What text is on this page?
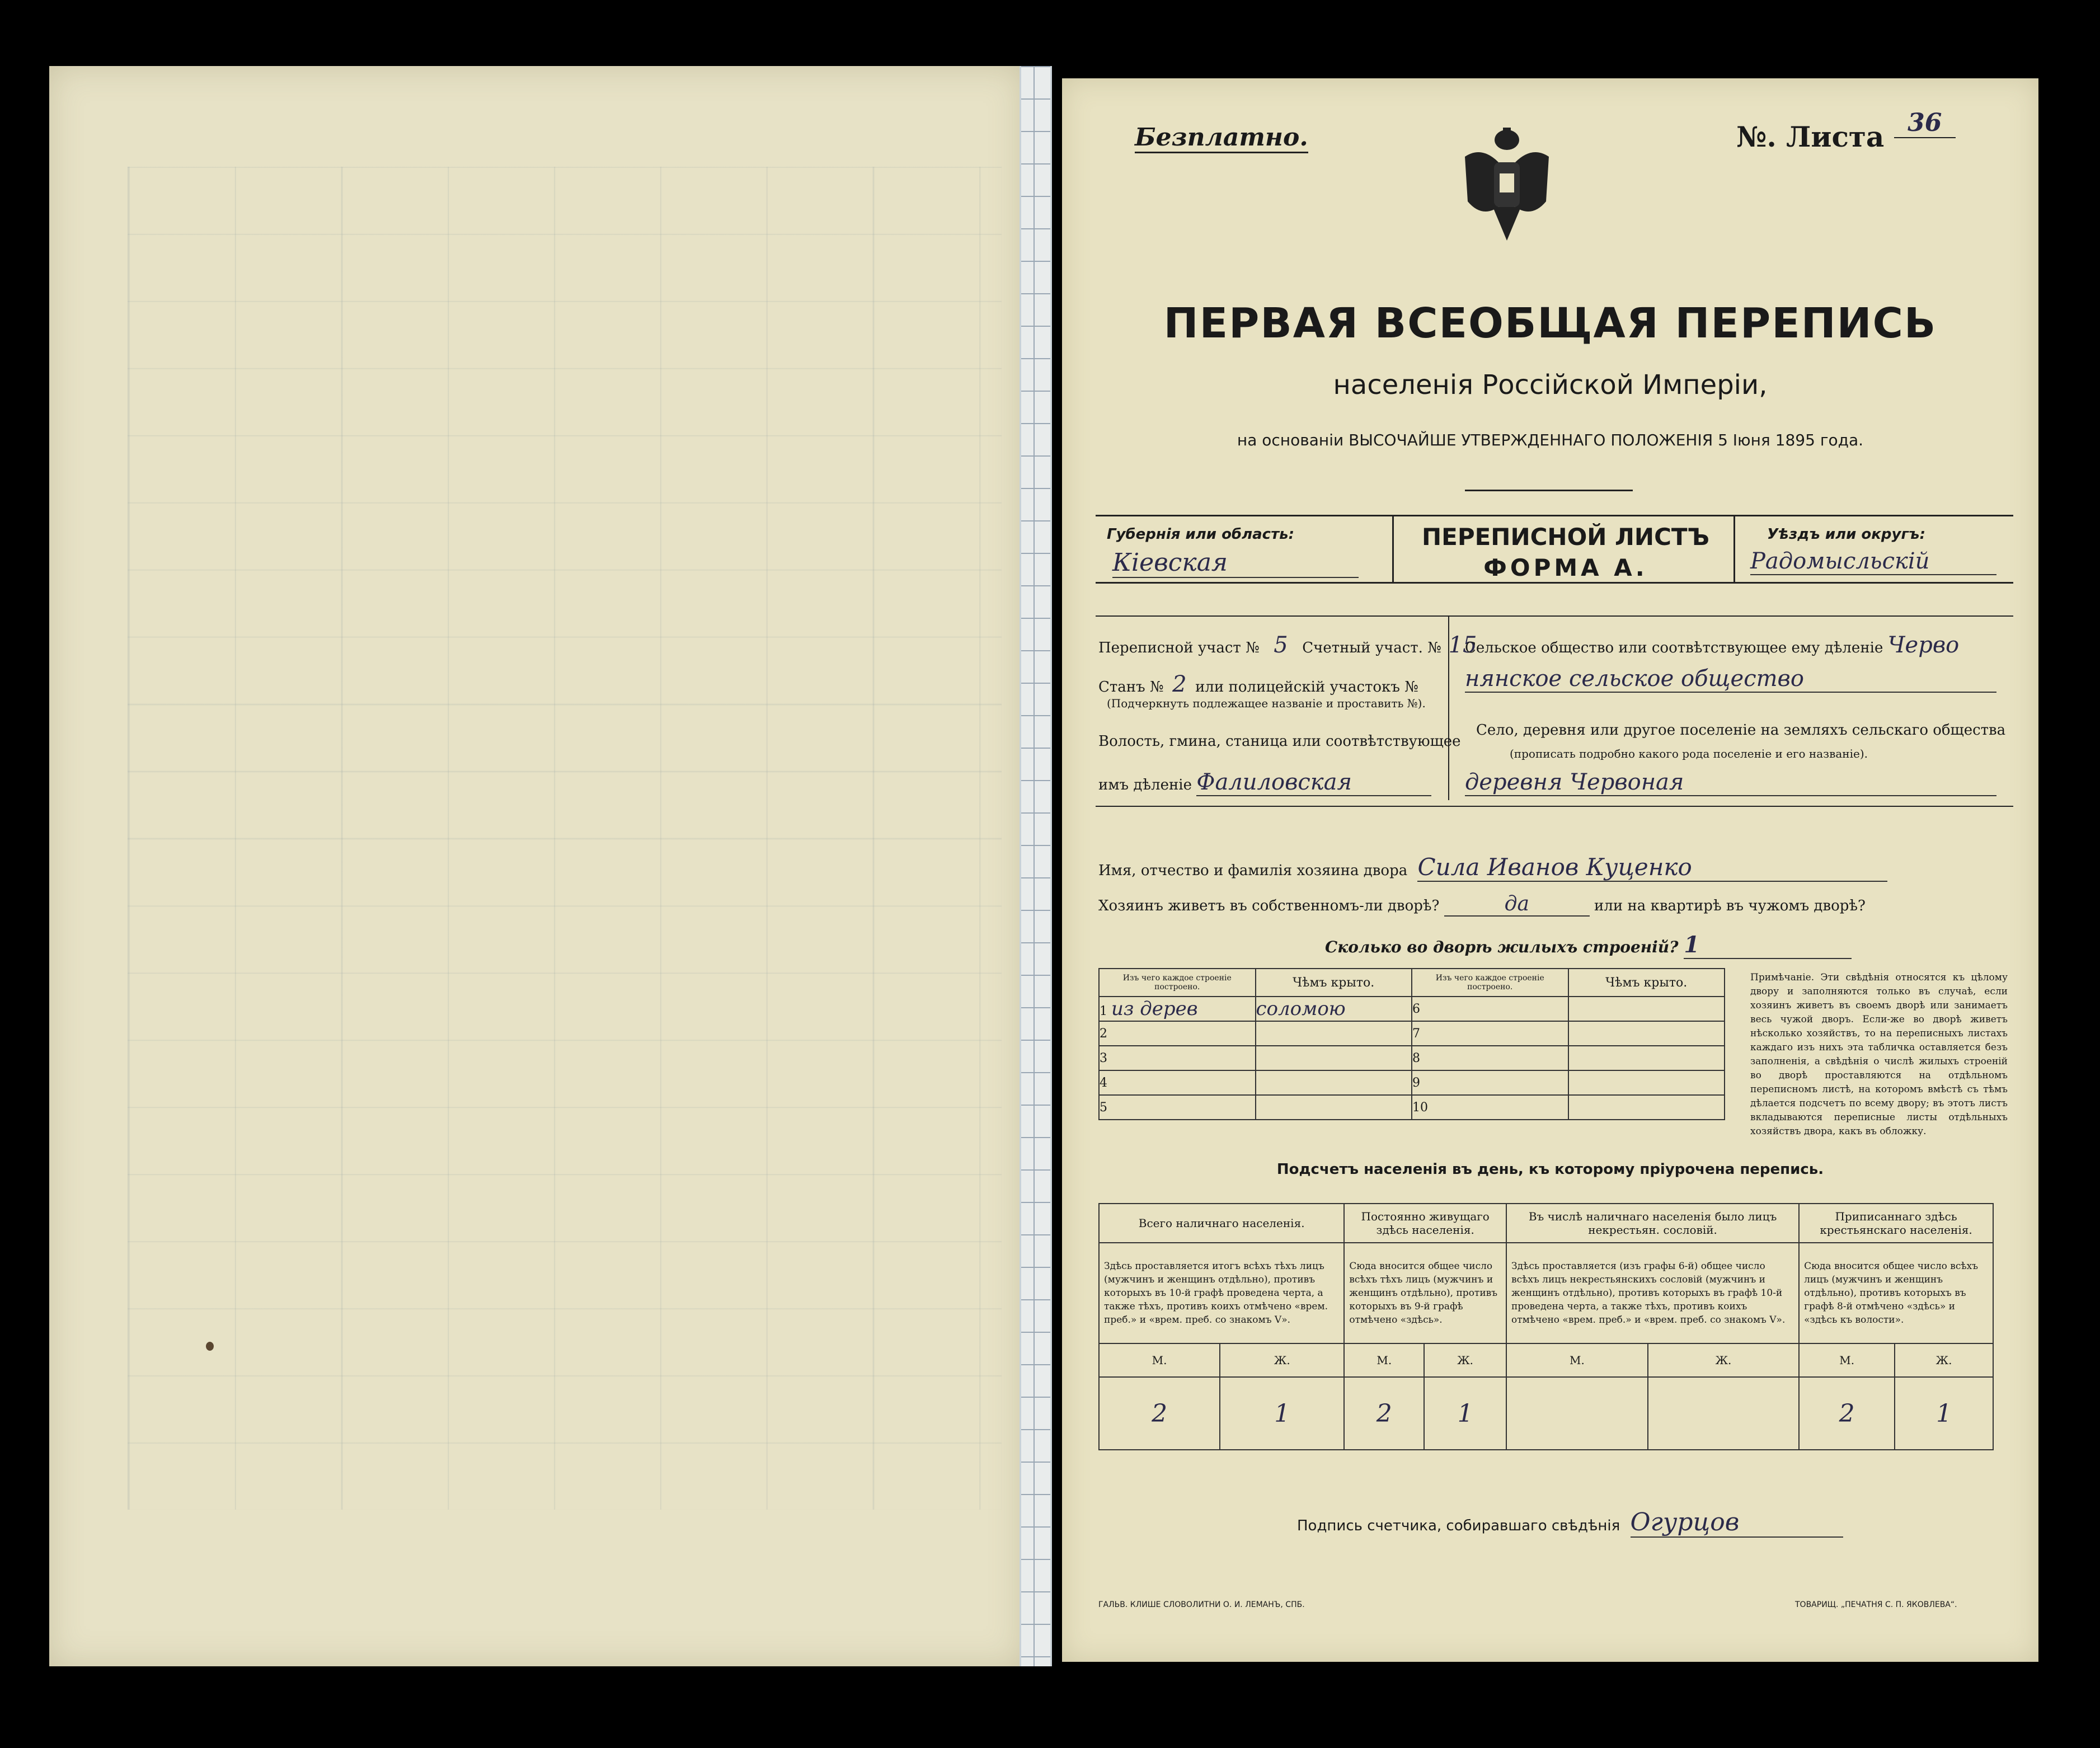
Безплатно.	№. Листа 36
ПЕРВАЯ ВСЕОБЩАЯ ПЕРЕПИСЬ
населенія Россійской Имперіи,
на основаніи ВЫСОЧАЙШЕ УТВЕРЖДЕННАГО ПОЛОЖЕНІЯ 5 Іюня 1895 года.
Губернія или область:
Кіевская
ПЕРЕПИСНОЙ ЛИСТЪ
ФОРМА А.
Уѣздъ или округъ:
Радомысльскій
Переписной участ № 5 Счетный участ. № 15
Станъ № 2 или полицейскій участокъ №
(Подчеркнуть подлежащее названіе и проставить №).
Волость, гмина, станица или соотвѣтствующее
имъ дѣленіе Фалиловская
Сельское общество или соотвѣтствующее ему дѣленіе Черво
нянское сельское общество
Село, деревня или другое поселеніе на земляхъ сельскаго общества
(прописать подробно какого рода поселеніе и его названіе).
деревня Червоная
Имя, отчество и фамилія хозяина двора Сила Иванов Куценко
Хозяинъ живетъ въ собственномъ-ли дворѣ?	да	или на квартирѣ въ чужомъ дворѣ?
Сколько во дворѣ жилыхъ строеній? 1
Изъ чего каждое строеніе построено.	Чѣмъ крыто.	Изъ чего каждое строеніе построено.	Чѣмъ крыто.
1 из дерев	соломою	6	
2		7	
3		8	
4		9	
5		10	
Примѣчаніе. Эти свѣдѣнія относятся къ цѣлому двору и заполняются только въ случаѣ, если хозяинъ живетъ въ своемъ дворѣ или занимаетъ весь чужой дворъ. Если-же во дворѣ живетъ нѣсколько хозяйствъ, то на переписныхъ листахъ каждаго изъ нихъ эта табличка оставляется безъ заполненія, а свѣдѣнія о числѣ жилыхъ строеній во дворѣ проставляются на отдѣльномъ переписномъ листѣ, на которомъ вмѣстѣ съ тѣмъ дѣлается подсчетъ по всему двору; въ этотъ листъ вкладываются переписные листы отдѣльныхъ хозяйствъ двора, какъ въ обложку.
Подсчетъ населенія въ день, къ которому пріурочена перепись.
Всего наличнаго населенія.		Постоянно живущаго здѣсь населенія.		Въ числѣ наличнаго населенія было лицъ некрестьян. сословій.		Приписаннаго здѣсь крестьянскаго населенія.	
Здѣсь проставляется итогъ всѣхъ тѣхъ лицъ (мужчинъ и женщинъ отдѣльно), противъ которыхъ въ 10-й графѣ проведена черта, а также тѣхъ, противъ коихъ отмѣчено «врем. преб.» и «врем. преб. со знакомъ V».		Сюда вносится общее число всѣхъ тѣхъ лицъ (мужчинъ и женщинъ отдѣльно), противъ которыхъ въ 9-й графѣ отмѣчено «здѣсь».		Здѣсь проставляется (изъ графы 6-й) общее число всѣхъ лицъ некрестьянскихъ сословій (мужчинъ и женщинъ отдѣльно), противъ которыхъ въ графѣ 10-й проведена черта, а также тѣхъ, противъ коихъ отмѣчено «врем. преб.» и «врем. преб. со знакомъ V».		Сюда вносится общее число всѣхъ лицъ (мужчинъ и женщинъ отдѣльно), противъ которыхъ въ графѣ 8-й отмѣчено «здѣсь» и «здѣсь къ волости».	
М.	Ж.	М.	Ж.	М.	Ж.	М.	Ж.
2	1	2	1			2	1
Подпись счетчика, собиравшаго свѣдѣнія Огурцов
ГАЛЬВ. КЛИШЕ СЛОВОЛИТНИ О. И. ЛЕМАНЪ, СПБ.	ТОВАРИЩ. „ПЕЧАТНЯ С. П. ЯКОВЛЕВА“.
